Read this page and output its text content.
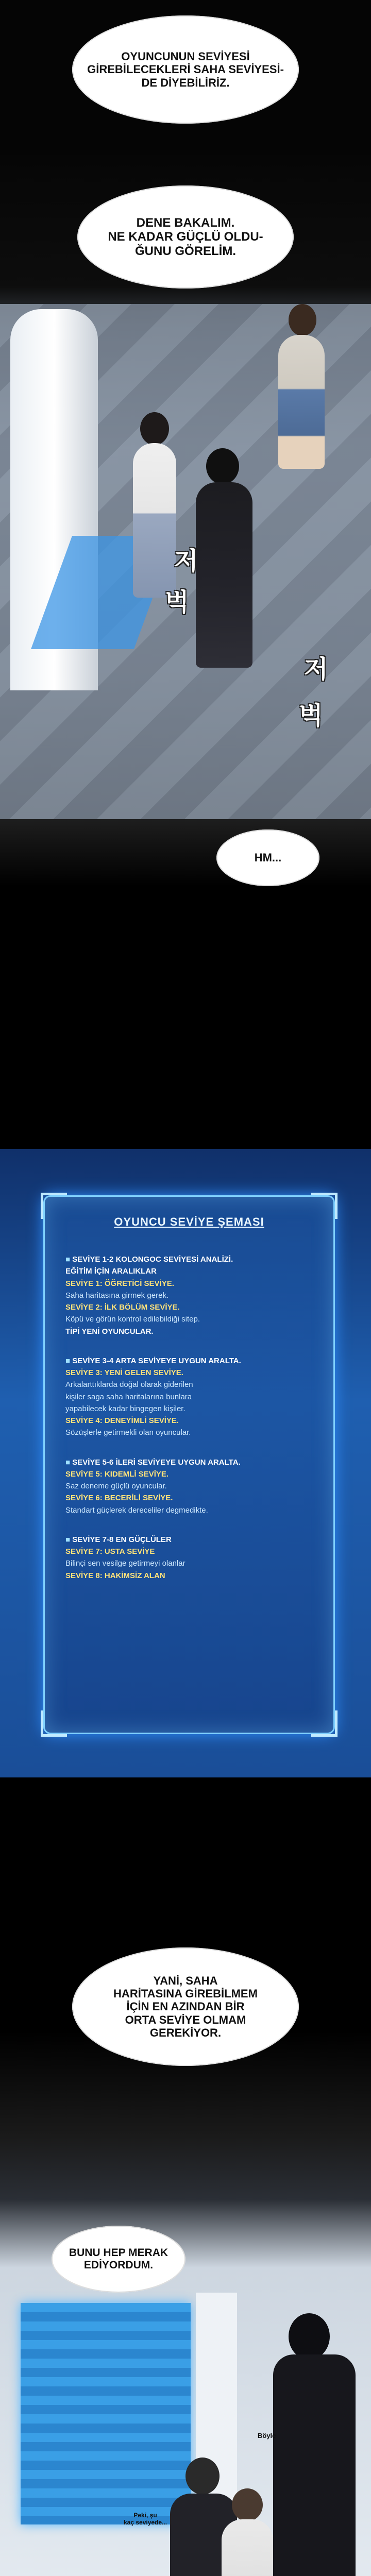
OYUNCUNUN SEVİYESİ
GİREBİLECEKLERİ SAHA SEVİYESİ-
DE DİYEBİLİRİZ.
DENE BAKALIM.
NE KADAR GÜÇLÜ OLDU-
ĞUNU GÖRELİM.
저
벅
저
벅
HM...
OYUNCU SEVİYE ŞEMASI
■ SEVİYE 1-2 KOLONGOC SEVİYESİ ANALİZİ.
EĞİTİM İÇİN ARALIKLAR
SEVİYE 1: ÖĞRETİCİ SEVİYE.
Saha haritasına girmek gerek.
SEVİYE 2: İLK BÖLÜM SEVİYE.
Köpü ve görün kontrol edilebildiği sitep.
TİPİ YENİ OYUNCULAR.
■ SEVİYE 3-4 ARTA SEVİYEYE UYGUN ARALTA.
SEVİYE 3: YENİ GELEN SEVİYE.
Arkalarttıklarda doğal olarak giderilen
kişiler saga saha haritalarına bunlara
yapabilecek kadar bingegen kişiler.
SEVİYE 4: DENEYİMLİ SEVİYE.
Sözüşlerle getirmekli olan oyuncular.
■ SEVİYE 5-6 İLERİ SEVİYEYE UYGUN ARALTA.
SEVİYE 5: KIDEMLİ SEVİYE.
Saz deneme güçlü oyuncular.
SEVİYE 6: BECERİLİ SEVİYE.
Standart güçlerek dereceliler degmedikte.
■ SEVİYE 7-8 EN GÜÇLÜLER
SEVİYE 7: USTA SEVİYE
Bilinçi sen vesilge getirmeyi olanlar
SEVİYE 8: HAKİMSİZ ALAN
YANİ, SAHA
HARİTASINA GİREBİLMEM
İÇİN EN AZINDAN BİR
ORTA SEVİYE OLMAM
GEREKİYOR.
BUNU HEP MERAK
EDİYORDUM.
Böyle
Peki, şu
kaç seviyede...
